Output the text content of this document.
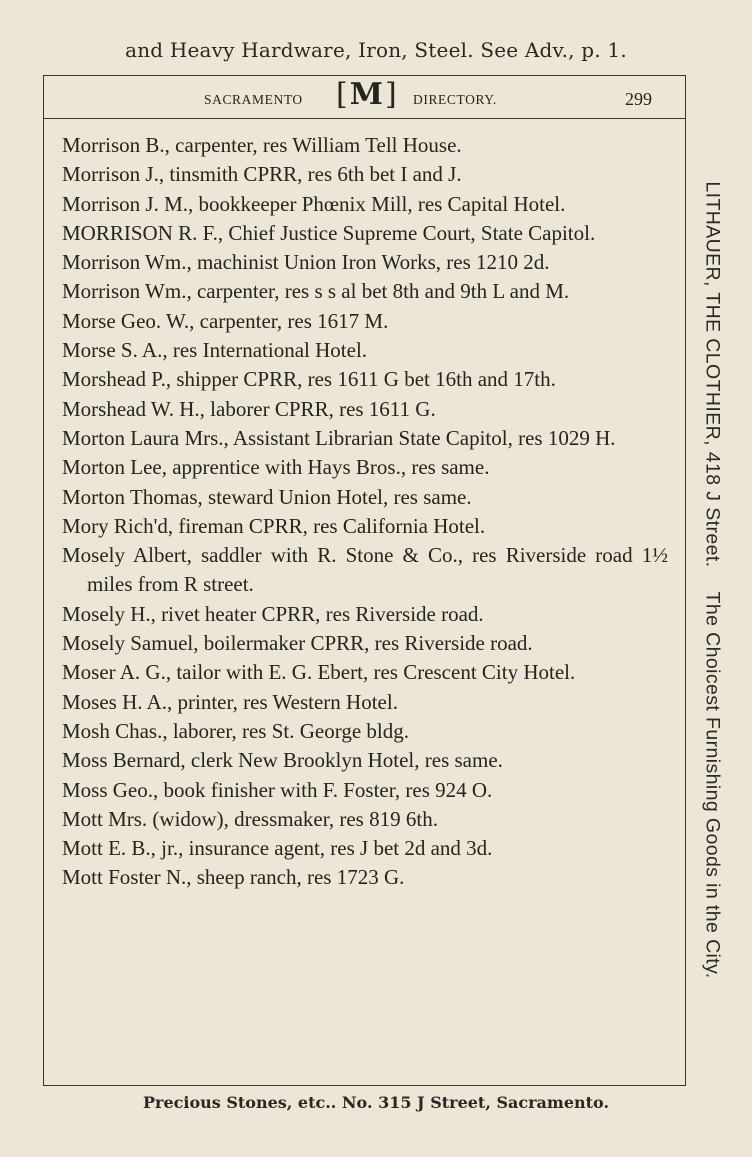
and Heavy Hardware, Iron, Steel. See Adv., p. 1.
SACRAMENTO
[	M ]	DIRECTORY.	299
Morrison B., carpenter, res William Tell House.
Morrison J., tinsmith CPRR, res 6th bet I and J.
Morrison J. M., bookkeeper Phœnix Mill, res Capital Hotel.
MORRISON R. F., Chief Justice Supreme Court, State Capitol.
Morrison Wm., machinist Union Iron Works, res 1210 2d.
Morrison Wm., carpenter, res s s al bet 8th and 9th L and M.
Morse Geo. W., carpenter, res 1617 M.
Morse S. A., res International Hotel.
Morshead P., shipper CPRR, res 1611 G bet 16th and 17th.
Morshead W. H., laborer CPRR, res 1611 G.
Morton Laura Mrs., Assistant Librarian State Capitol, res 1029 H.
Morton Lee, apprentice with Hays Bros., res same.
Morton Thomas, steward Union Hotel, res same.
Mory Rich'd, fireman CPRR, res California Hotel.
Mosely Albert, saddler with R. Stone & Co., res Riverside road 1½ miles from R street.
Mosely H., rivet heater CPRR, res Riverside road.
Mosely Samuel, boilermaker CPRR, res Riverside road.
Moser A. G., tailor with E. G. Ebert, res Crescent City Hotel.
Moses H. A., printer, res Western Hotel.
Mosh Chas., laborer, res St. George bldg.
Moss Bernard, clerk New Brooklyn Hotel, res same.
Moss Geo., book finisher with F. Foster, res 924 O.
Mott Mrs. (widow), dressmaker, res 819 6th.
Mott E. B., jr., insurance agent, res J bet 2d and 3d.
Mott Foster N., sheep ranch, res 1723 G.
LITHAUER, THE CLOTHIER, 418 J Street.The Choicest Furnishing Goods in the City.
Precious Stones, etc.. No. 315 J Street, Sacramento.
